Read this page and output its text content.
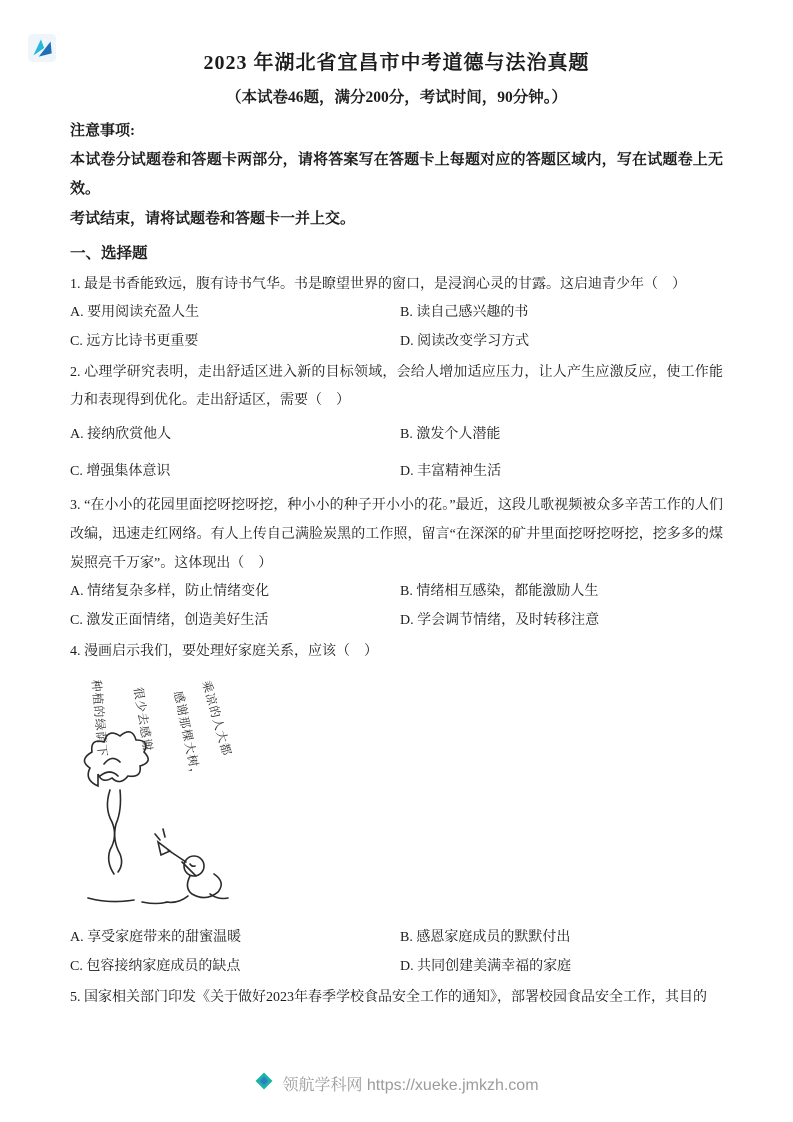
2023 年湖北省宜昌市中考道德与法治真题
（本试卷46题，满分200分，考试时间，90分钟。）
注意事项:

本试卷分试题卷和答题卡两部分，请将答案写在答题卡上每题对应的答题区域内，写在试题卷上无效。

考试结束，请将试题卷和答题卡一并上交。

一、选择题

1. 最是书香能致远，腹有诗书气华。书是瞭望世界的窗口，是浸润心灵的甘露。这启迪青少年（　）

A. 要用阅读充盈人生	B. 读自己感兴趣的书
C. 远方比诗书更重要	D. 阅读改变学习方式

2. 心理学研究表明，走出舒适区进入新的目标领域，会给人增加适应压力，让人产生应激反应，使工作能力和表现得到优化。走出舒适区，需要（　）

A. 接纳欣赏他人	B. 激发个人潜能
C. 增强集体意识	D. 丰富精神生活

3. “在小小的花园里面挖呀挖呀挖，种小小的种子开小小的花。”最近，这段儿歌视频被众多辛苦工作的人们改编，迅速走红网络。有人上传自己满脸炭黑的工作照，留言“在深深的矿井里面挖呀挖呀挖，挖多多的煤炭照亮千万家”。这体现出（　）

A. 情绪复杂多样，防止情绪变化	B. 情绪相互感染，都能激励人生
C. 激发正面情绪，创造美好生活	D. 学会调节情绪，及时转移注意

4. 漫画启示我们，要处理好家庭关系，应该（　）

乘凉的人大都
感谢那棵大树，
很少去感谢
种植的绿荫下
A. 享受家庭带来的甜蜜温暖	B. 感恩家庭成员的默默付出
C. 包容接纳家庭成员的缺点	D. 共同创建美满幸福的家庭

5. 国家相关部门印发《关于做好2023年春季学校食品安全工作的通知》，部署校园食品安全工作，其目的

领航学科网 https://xueke.jmkzh.com
